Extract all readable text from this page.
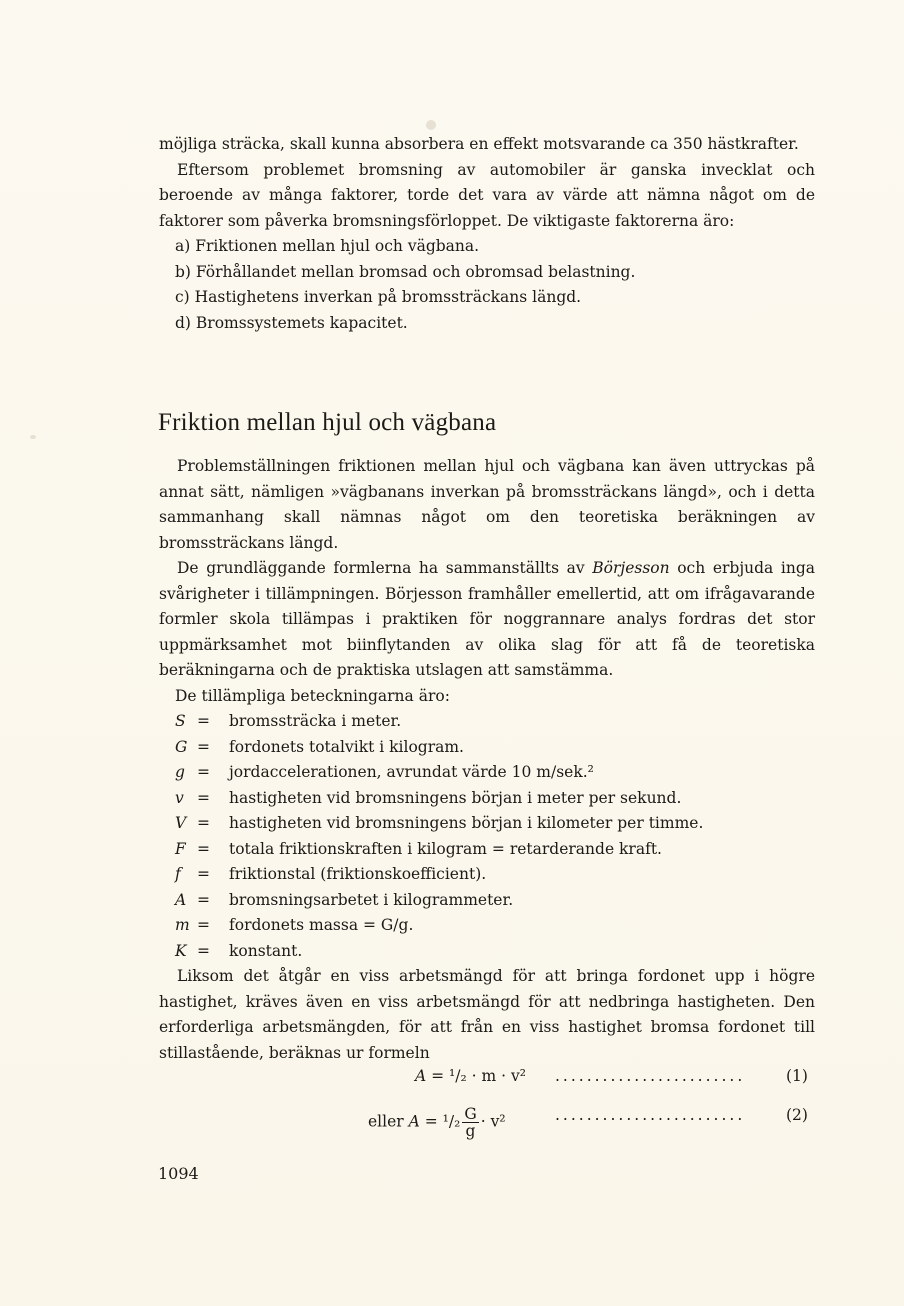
möjliga sträcka, skall kunna absorbera en effekt motsvarande ca 350 hästkrafter.

Eftersom problemet bromsning av automobiler är ganska invecklat och beroende av många faktorer, torde det vara av värde att nämna något om de faktorer som påverka bromsningsförloppet. De viktigaste faktorerna äro:

a) Friktionen mellan hjul och vägbana.
b) Förhållandet mellan bromsad och obromsad belastning.
c) Hastighetens inverkan på bromssträckans längd.
d) Bromssystemets kapacitet.
Friktion mellan hjul och vägbana

Problemställningen friktionen mellan hjul och vägbana kan även uttryckas på annat sätt, nämligen »vägbanans inverkan på bromssträckans längd», och i detta sammanhang skall nämnas något om den teoretiska beräkningen av bromssträckans längd.

De grundläggande formlerna ha sammanställts av Börjesson och erbjuda inga svårigheter i tillämpningen. Börjesson framhåller emellertid, att om ifrågavarande formler skola tillämpas i praktiken för noggrannare analys fordras det stor uppmärksamhet mot biinflytanden av olika slag för att få de teoretiska beräkningarna och de praktiska utslagen att samstämma.

De tillämpliga beteckningarna äro:
S =	bromssträcka i meter.
G =	fordonets totalvikt i kilogram.
g =	jordaccelerationen, avrundat värde 10 m/sek.²
v =	hastigheten vid bromsningens början i meter per sekund.
V =	hastigheten vid bromsningens början i kilometer per timme.
F =	totala friktionskraften i kilogram = retarderande kraft.
f	=	friktionstal (friktionskoefficient).
A =	bromsningsarbetet i kilogrammeter.
m =	fordonets massa = G/g.
K =	konstant.

Liksom det åtgår en viss arbetsmängd för att bringa fordonet upp i högre hastighet, kräves även en viss arbetsmängd för att nedbringa hastigheten. Den erforderliga arbetsmängden, för att från en viss hastighet bromsa fordonet till stillastående, beräknas ur formeln

A = ¹/₂ · m · v² ........................	(1)
eller $A = ^1/_2 \frac{G}{g} \cdot v^2$	........................	(2)
1094
